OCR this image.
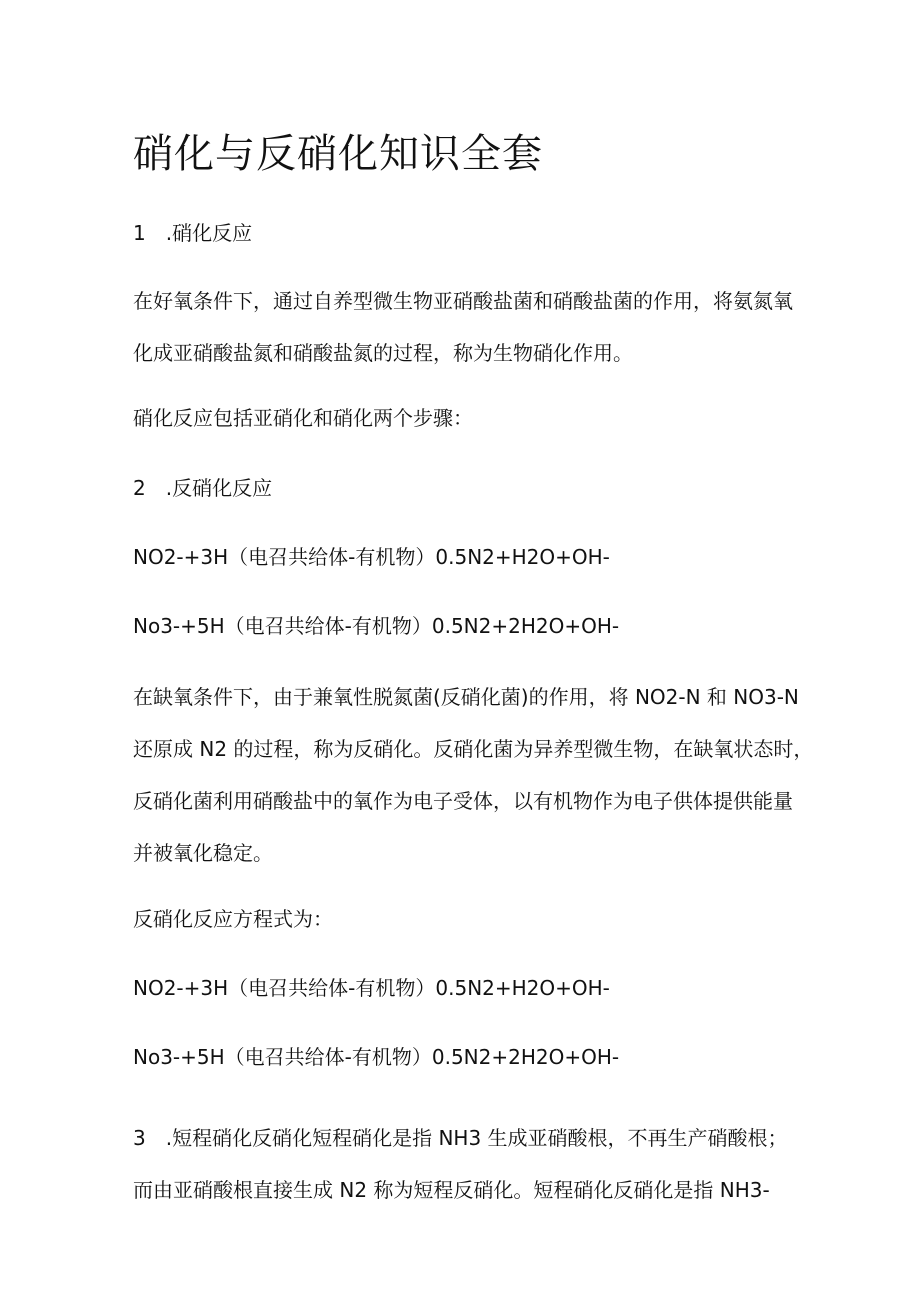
硝化与反硝化知识全套

1　.硝化反应

在好氧条件下，通过自养型微生物亚硝酸盐菌和硝酸盐菌的作用，将氨氮氧
化成亚硝酸盐氮和硝酸盐氮的过程，称为生物硝化作用。

硝化反应包括亚硝化和硝化两个步骤：

2　.反硝化反应

NO2-+3H（电召共给体-有机物）0.5N2+H2O+OH-

No3-+5H（电召共给体-有机物）0.5N2+2H2O+OH-

在缺氧条件下，由于兼氧性脱氮菌(反硝化菌)的作用，将 NO2-N 和 NO3-N
还原成 N2 的过程，称为反硝化。反硝化菌为异养型微生物，在缺氧状态时，
反硝化菌利用硝酸盐中的氧作为电子受体，以有机物作为电子供体提供能量
并被氧化稳定。

反硝化反应方程式为：

NO2-+3H（电召共给体-有机物）0.5N2+H2O+OH-

No3-+5H（电召共给体-有机物）0.5N2+2H2O+OH-

3　.短程硝化反硝化短程硝化是指 NH3 生成亚硝酸根，不再生产硝酸根；
而由亚硝酸根直接生成 N2 称为短程反硝化。短程硝化反硝化是指 NH3-
